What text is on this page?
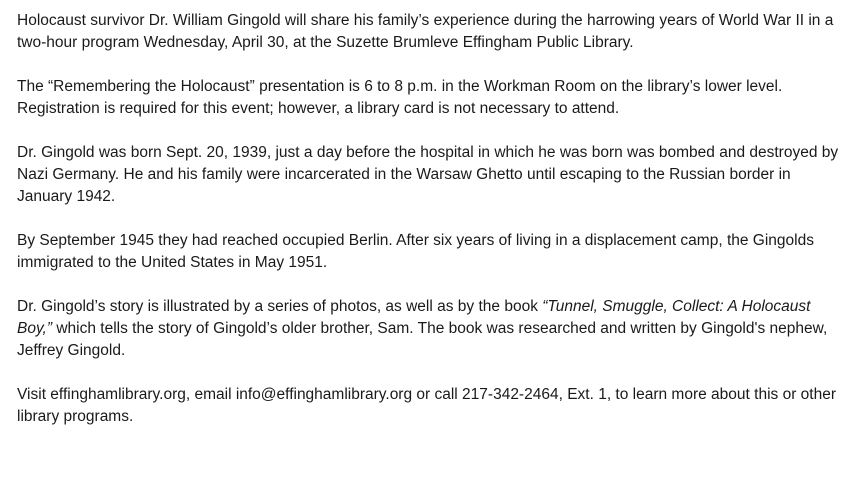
Holocaust survivor Dr. William Gingold will share his family’s experience during the harrowing years of World War II in a two-hour program Wednesday, April 30, at the Suzette Brumleve Effingham Public Library.

The “Remembering the Holocaust” presentation is 6 to 8 p.m. in the Workman Room on the library’s lower level. Registration is required for this event; however, a library card is not necessary to attend.

Dr. Gingold was born Sept. 20, 1939, just a day before the hospital in which he was born was bombed and destroyed by Nazi Germany. He and his family were incarcerated in the Warsaw Ghetto until escaping to the Russian border in January 1942.

By September 1945 they had reached occupied Berlin. After six years of living in a displacement camp, the Gingolds immigrated to the United States in May 1951.

Dr. Gingold’s story is illustrated by a series of photos, as well as by the book “Tunnel, Smuggle, Collect: A Holocaust Boy,” which tells the story of Gingold’s older brother, Sam. The book was researched and written by Gingold's nephew, Jeffrey Gingold.

Visit effinghamlibrary.org, email info@effinghamlibrary.org or call 217-342-2464, Ext. 1, to learn more about this or other library programs.
